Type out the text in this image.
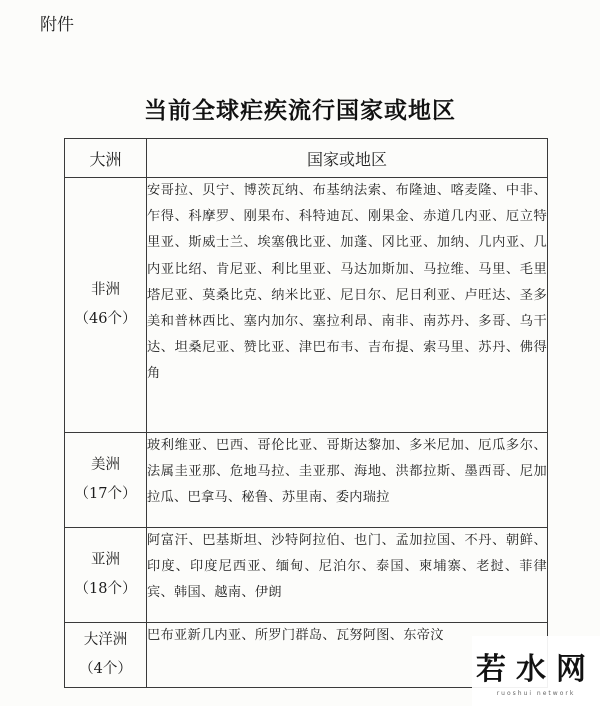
附件
当前全球疟疾流行国家或地区
大洲	国家或地区
非洲
（46个）	安哥拉、贝宁、博茨瓦纳、布基纳法索、布隆迪、喀麦隆、中非、乍得、科摩罗、刚果布、科特迪瓦、刚果金、赤道几内亚、厄立特里亚、斯威士兰、埃塞俄比亚、加蓬、冈比亚、加纳、几内亚、几内亚比绍、肯尼亚、利比里亚、马达加斯加、马拉维、马里、毛里塔尼亚、莫桑比克、纳米比亚、尼日尔、尼日利亚、卢旺达、圣多美和普林西比、塞内加尔、塞拉利昂、南非、南苏丹、多哥、乌干达、坦桑尼亚、赞比亚、津巴布韦、吉布提、索马里、苏丹、佛得角
美洲
（17个）	玻利维亚、巴西、哥伦比亚、哥斯达黎加、多米尼加、厄瓜多尔、法属圭亚那、危地马拉、圭亚那、海地、洪都拉斯、墨西哥、尼加拉瓜、巴拿马、秘鲁、苏里南、委内瑞拉
亚洲
（18个）	阿富汗、巴基斯坦、沙特阿拉伯、也门、孟加拉国、不丹、朝鲜、印度、印度尼西亚、缅甸、尼泊尔、泰国、柬埔寨、老挝、菲律宾、韩国、越南、伊朗
大洋洲
（4个）	巴布亚新几内亚、所罗门群岛、瓦努阿图、东帝汶
若水网
ruoshui network
